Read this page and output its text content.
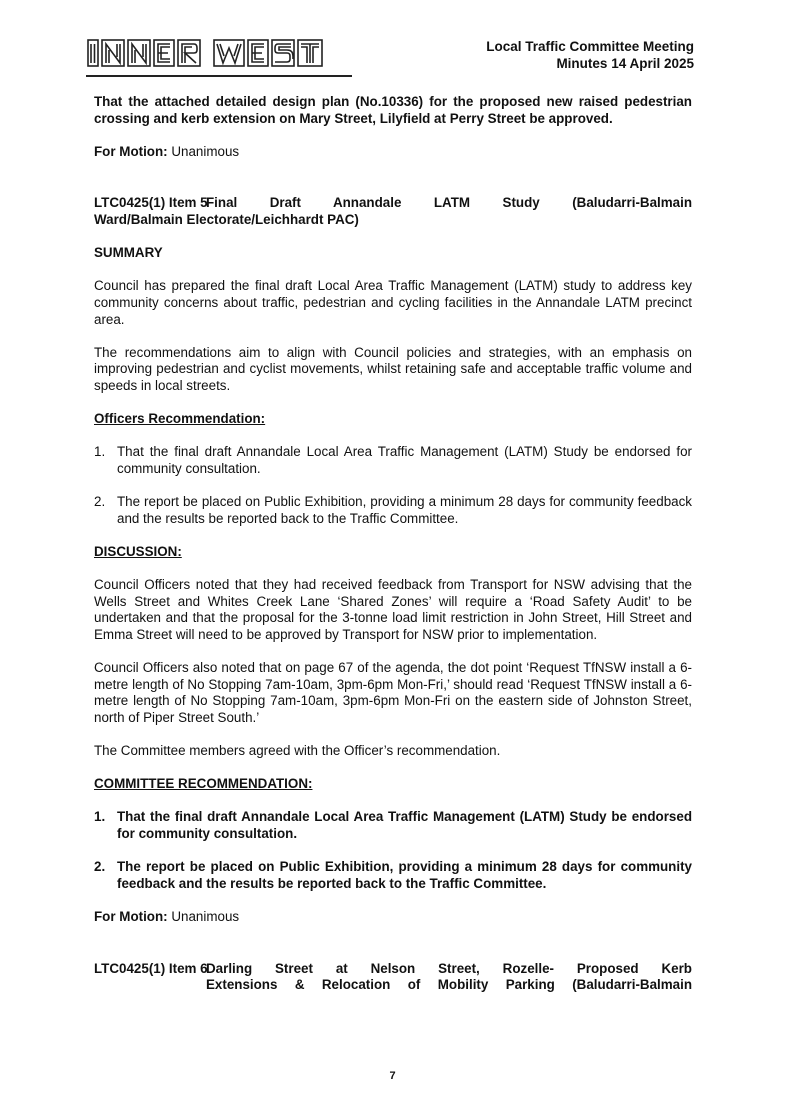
Local Traffic Committee Meeting
Minutes 14 April 2025

That the attached detailed design plan (No.10336) for the proposed new raised pedestrian crossing and kerb extension on Mary Street, Lilyfield at Perry Street be approved.

For Motion: Unanimous

LTC0425(1) Item 5
Final Draft Annandale LATM Study (Baludarri-Balmain

Ward/Balmain Electorate/Leichhardt PAC)

SUMMARY

Council has prepared the final draft Local Area Traffic Management (LATM) study to address key community concerns about traffic, pedestrian and cycling facilities in the Annandale LATM precinct area.

The recommendations aim to align with Council policies and strategies, with an emphasis on improving pedestrian and cyclist movements, whilst retaining safe and acceptable traffic volume and speeds in local streets.

Officers Recommendation:

1. That the final draft Annandale Local Area Traffic Management (LATM) Study be endorsed for community consultation.
2. The report be placed on Public Exhibition, providing a minimum 28 days for community feedback and the results be reported back to the Traffic Committee.

DISCUSSION:

Council Officers noted that they had received feedback from Transport for NSW advising that the Wells Street and Whites Creek Lane ‘Shared Zones’ will require a ‘Road Safety Audit’ to be undertaken and that the proposal for the 3-tonne load limit restriction in John Street, Hill Street and Emma Street will need to be approved by Transport for NSW prior to implementation.

Council Officers also noted that on page 67 of the agenda, the dot point ‘Request TfNSW install a 6-metre length of No Stopping 7am-10am, 3pm-6pm Mon-Fri,’ should read ‘Request TfNSW install a 6-metre length of No Stopping 7am-10am, 3pm-6pm Mon-Fri on the eastern side of Johnston Street, north of Piper Street South.’

The Committee members agreed with the Officer’s recommendation.

COMMITTEE RECOMMENDATION:

1. That the final draft Annandale Local Area Traffic Management (LATM) Study be endorsed for community consultation.
2. The report be placed on Public Exhibition, providing a minimum 28 days for community feedback and the results be reported back to the Traffic Committee.

For Motion: Unanimous

LTC0425(1) Item 6
Darling Street at Nelson Street, Rozelle- Proposed Kerb
Extensions & Relocation of Mobility Parking (Baludarri-Balmain
7
